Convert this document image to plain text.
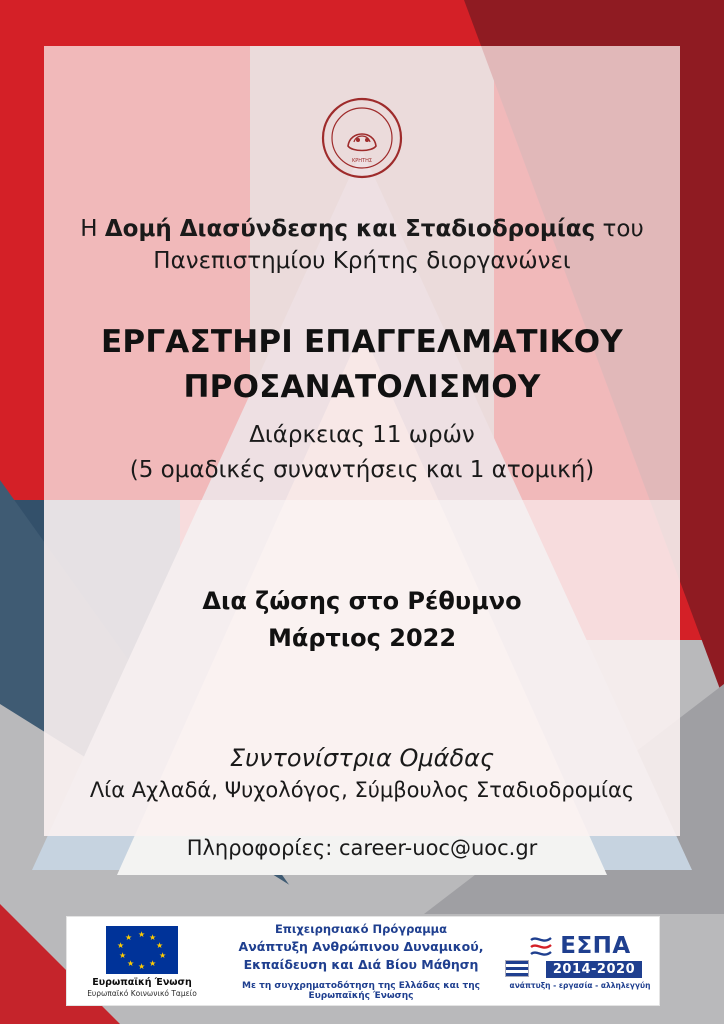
ΚΡΗΤΗΣ
Η Δομή Διασύνδεσης και Σταδιοδρομίας του
Πανεπιστημίου Κρήτης διοργανώνει
ΕΡΓΑΣΤΗΡΙ ΕΠΑΓΓΕΛΜΑΤΙΚΟΥ
ΠΡΟΣΑΝΑΤΟΛΙΣΜΟΥ
Διάρκειας 11 ωρών
(5 ομαδικές συναντήσεις και 1 ατομική)
Δια ζώσης στο Ρέθυμνο
Μάρτιος 2022
Συντονίστρια Ομάδας
Λία Αχλαδά, Ψυχολόγος, Σύμβουλος Σταδιοδρομίας
Πληροφορίες: career-uoc@uoc.gr
★ ★
★
★
★
★
★
★
★
★
Ευρωπαϊκή Ένωση
Ευρωπαϊκό Κοινωνικό Ταμείο
Επιχειρησιακό Πρόγραμμα
Ανάπτυξη Ανθρώπινου Δυναμικού,
Εκπαίδευση και Διά Βίου Μάθηση
Με τη συγχρηματοδότηση της Ελλάδας και της Ευρωπαϊκής Ένωσης
ΕΣΠΑ
2014-2020
ανάπτυξη - εργασία - αλληλεγγύη
